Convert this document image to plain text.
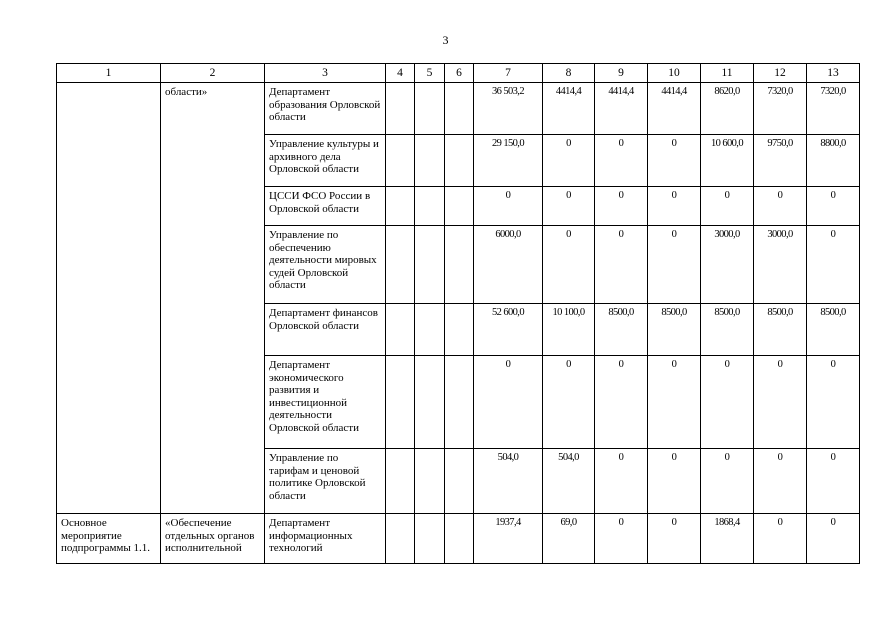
3
1	2	3	4	5	6	7	8	9	10	11	12	13
	области»	Департамент образования Орловской области				36 503,2	4414,4	4414,4	4414,4	8620,0	7320,0	7320,0
		Управление культуры и архивного дела Орловской области				29 150,0	0	0	0	10 600,0	9750,0	8800,0
		ЦССИ ФСО России в Орловской области				0	0	0	0	0	0	0
		Управление по обеспечению деятельности мировых судей Орловской области				6000,0	0	0	0	3000,0	3000,0	0
		Департамент финансов Орловской области				52 600,0	10 100,0	8500,0	8500,0	8500,0	8500,0	8500,0
		Департамент экономического развития и инвестиционной деятельности Орловской области				0	0	0	0	0	0	0
		Управление по тарифам и ценовой политике Орловской области				504,0	504,0	0	0	0	0	0
Основное мероприятие подпрограммы 1.1.	«Обеспечение отдельных органов исполнительной	Департамент информационных технологий				1937,4	69,0	0	0	1868,4	0	0
